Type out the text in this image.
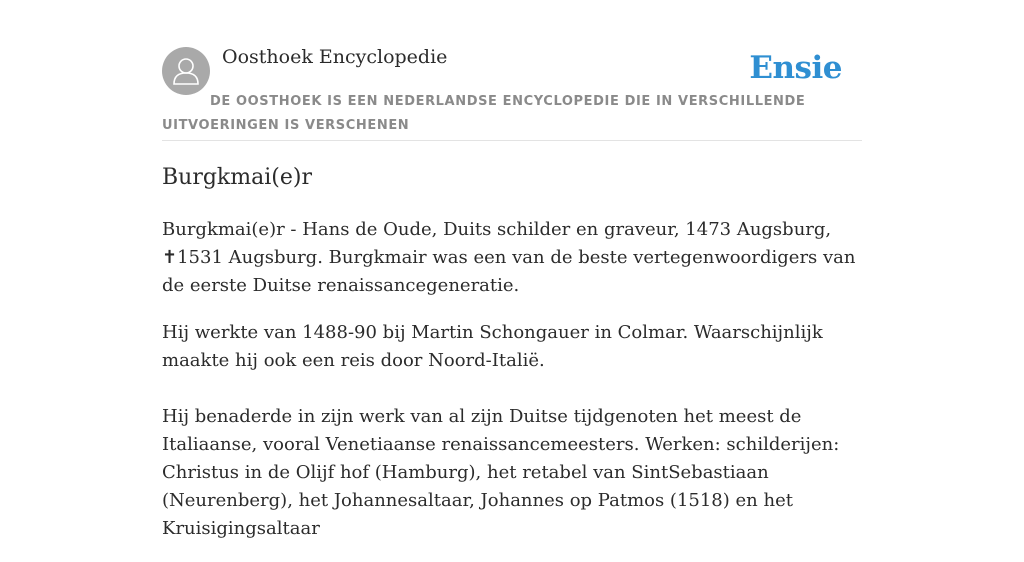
Oosthoek Encyclopedie	Ensie
DE OOSTHOEK IS EEN NEDERLANDSE ENCYCLOPEDIE DIE IN VERSCHILLENDE UITVOERINGEN IS VERSCHENEN
Burgkmai(e)r

Burgkmai(e)r - Hans de Oude, Duits schilder en graveur, 1473 Augsburg, ✝1531 Augsburg. Burgkmair was een van de beste vertegenwoordigers van de eerste Duitse renaissancegeneratie.

Hij werkte van 1488-90 bij Martin Schongauer in Colmar. Waarschijnlijk maakte hij ook een reis door Noord-Italië.

Hij benaderde in zijn werk van al zijn Duitse tijdgenoten het meest de Italiaanse, vooral Venetiaanse renaissancemeesters. Werken: schilderijen: Christus in de Olijf hof (Hamburg), het retabel van SintSebastiaan (Neurenberg), het Johannesaltaar, Johannes op Patmos (1518) en het Kruisigingsaltaar
